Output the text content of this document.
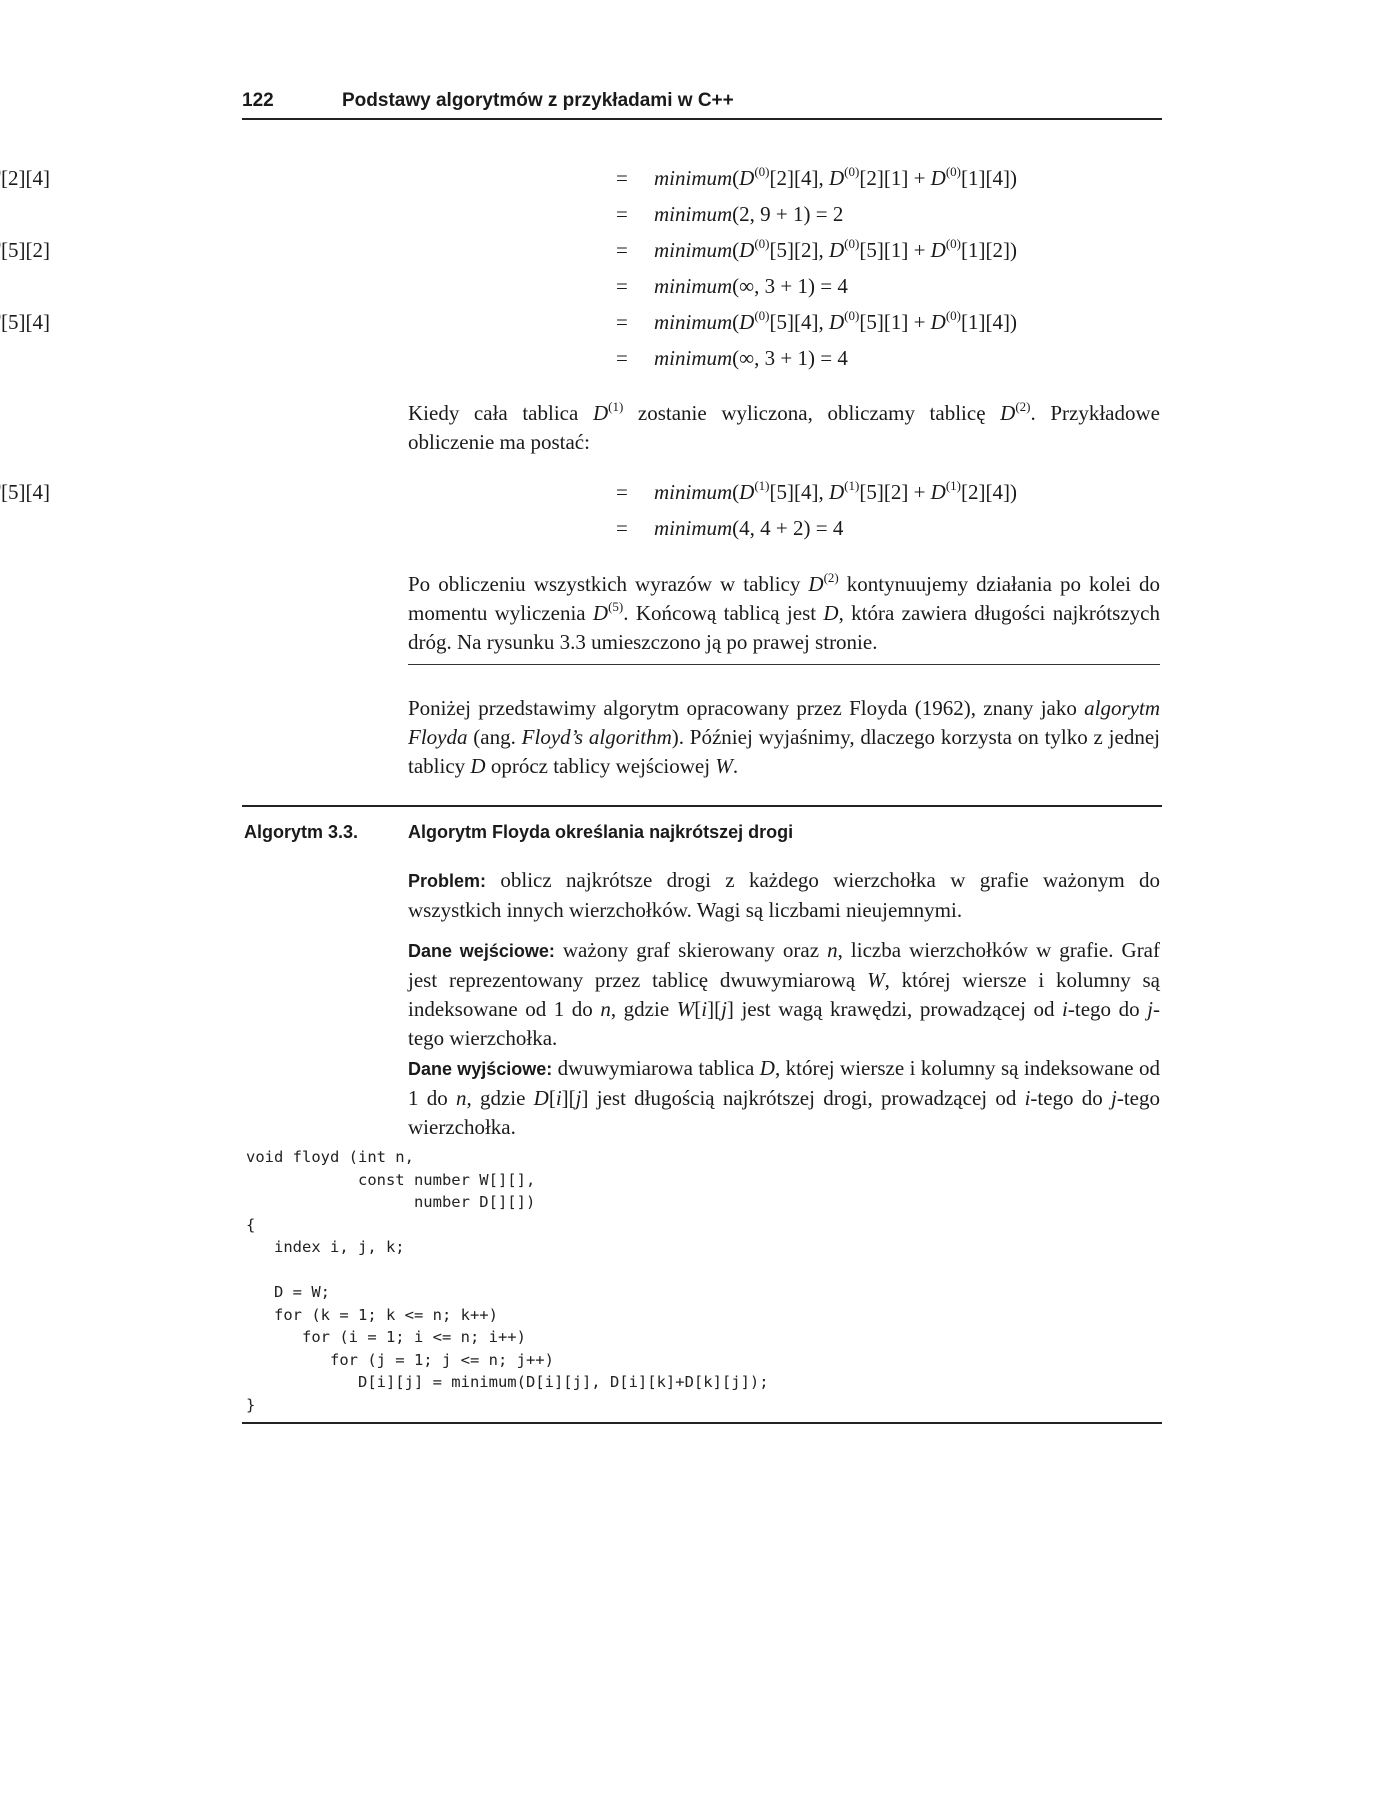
122	Podstawy algorytmów z przykładami w C++
[2][4]	= $minimum(D^{(0)}[2][4]$, $D^{(0)}[2][1] + D^{(0)}[1][4]$)
= minimum(2, 9 + 1) = 2
[5][2]	= $minimum(D^{(0)}[5][2]$, $D^{(0)}[5][1] + D^{(0)}[1][2]$)
= minimum(∞, 3 + 1) = 4
[5][4]	= $minimum(D^{(0)}[5][4]$, $D^{(0)}[5][1] + D^{(0)}[1][4]$)
= minimum(∞, 3 + 1) = 4
Kiedy cała tablica $D^{(1)}$ zostanie wyliczona, obliczamy tablicę $D^{(2)}$. Przykładowe obliczenie ma postać:
[5][4]	= $minimum(D^{(1)}[5][4]$, $D^{(1)}[5][2] + D^{(1)}[2][4]$)
= minimum(4, 4 + 2) = 4
Po obliczeniu wszystkich wyrazów w tablicy $D^{(2)}$ kontynuujemy działania po kolei do momentu wyliczenia $D^{(5)}$. Końcową tablicą jest D, która zawiera długości najkrótszych dróg. Na rysunku 3.3 umieszczono ją po prawej stronie.
Poniżej przedstawimy algorytm opracowany przez Floyda (1962), znany jako algorytm Floyda (ang. Floyd’s algorithm). Później wyjaśnimy, dlaczego korzysta on tylko z jednej tablicy D oprócz tablicy wejściowej W.
Algorytm 3.3.	Algorytm Floyda określania najkrótszej drogi
Problem: oblicz najkrótsze drogi z każdego wierzchołka w grafie ważonym do wszystkich innych wierzchołków. Wagi są liczbami nieujemnymi.
Dane wejściowe: ważony graf skierowany oraz n, liczba wierzchołków w grafie. Graf jest reprezentowany przez tablicę dwuwymiarową W, której wiersze i kolumny są indeksowane od 1 do n, gdzie W[i][j] jest wagą krawędzi, prowadzącej od i-tego do j-tego wierzchołka.
Dane wyjściowe: dwuwymiarowa tablica D, której wiersze i kolumny są indeksowane od 1 do n, gdzie D[i][j] jest długością najkrótszej drogi, prowadzącej od i-tego do j-tego wierzchołka.
void floyd (int n,
const number W[][],
number D[][])
{
index i, j, k;

D = W;
for (k = 1; k <= n; k++)
for (i = 1; i <= n; i++)
for (j = 1; j <= n; j++)
D[i][j] = minimum(D[i][j], D[i][k]+D[k][j]);
}
